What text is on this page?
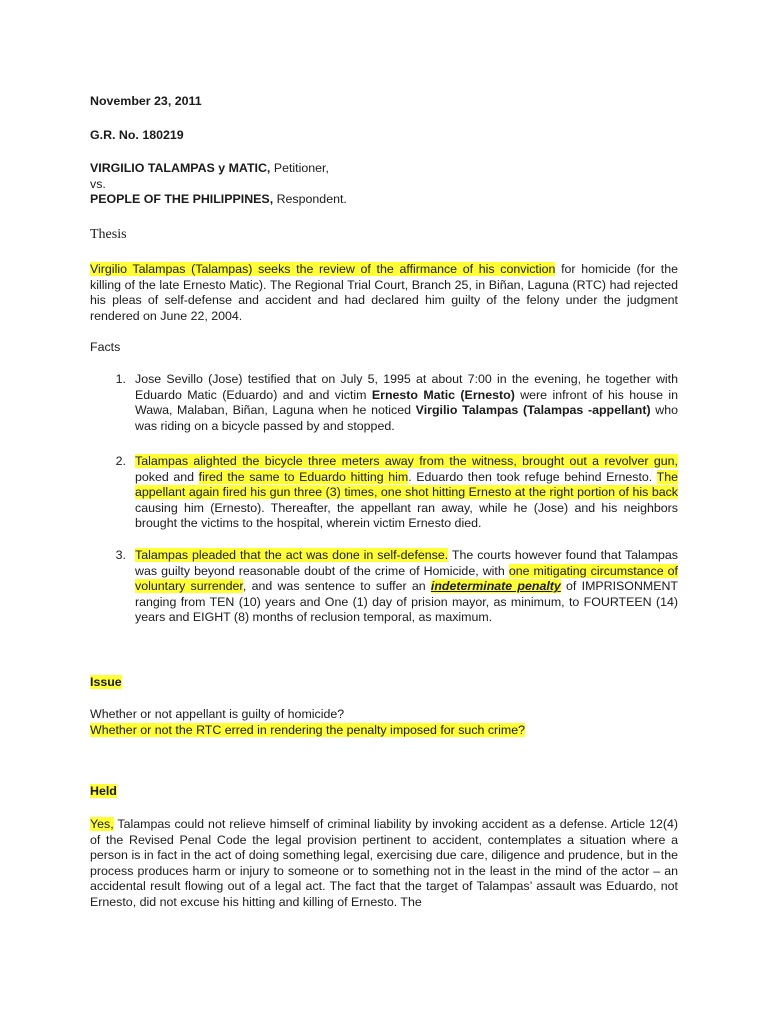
November 23, 2011

G.R. No. 180219

VIRGILIO TALAMPAS y MATIC, Petitioner,
vs.
PEOPLE OF THE PHILIPPINES, Respondent.

Thesis

Virgilio Talampas (Talampas) seeks the review of the affirmance of his conviction for homicide (for the killing of the late Ernesto Matic). The Regional Trial Court, Branch 25, in Biñan, Laguna (RTC) had rejected his pleas of self-defense and accident and had declared him guilty of the felony under the judgment rendered on June 22, 2004.

Facts

1. Jose Sevillo (Jose) testified that on July 5, 1995 at about 7:00 in the evening, he together with Eduardo Matic (Eduardo) and and victim Ernesto Matic (Ernesto) were infront of his house in Wawa, Malaban, Biñan, Laguna when he noticed Virgilio Talampas (Talampas -appellant) who was riding on a bicycle passed by and stopped.

2. Talampas alighted the bicycle three meters away from the witness, brought out a revolver gun, poked and fired the same to Eduardo hitting him. Eduardo then took refuge behind Ernesto. The appellant again fired his gun three (3) times, one shot hitting Ernesto at the right portion of his back causing him (Ernesto). Thereafter, the appellant ran away, while he (Jose) and his neighbors brought the victims to the hospital, wherein victim Ernesto died.

3. Talampas pleaded that the act was done in self-defense. The courts however found that Talampas was guilty beyond reasonable doubt of the crime of Homicide, with one mitigating circumstance of voluntary surrender, and was sentence to suffer an indeterminate penalty of IMPRISONMENT ranging from TEN (10) years and One (1) day of prision mayor, as minimum, to FOURTEEN (14) years and EIGHT (8) months of reclusion temporal, as maximum.

Issue

Whether or not appellant is guilty of homicide?
Whether or not the RTC erred in rendering the penalty imposed for such crime?

Held

Yes, Talampas could not relieve himself of criminal liability by invoking accident as a defense. Article 12(4) of the Revised Penal Code the legal provision pertinent to accident, contemplates a situation where a person is in fact in the act of doing something legal, exercising due care, diligence and prudence, but in the process produces harm or injury to someone or to something not in the least in the mind of the actor – an accidental result flowing out of a legal act. The fact that the target of Talampas’ assault was Eduardo, not Ernesto, did not excuse his hitting and killing of Ernesto. The
